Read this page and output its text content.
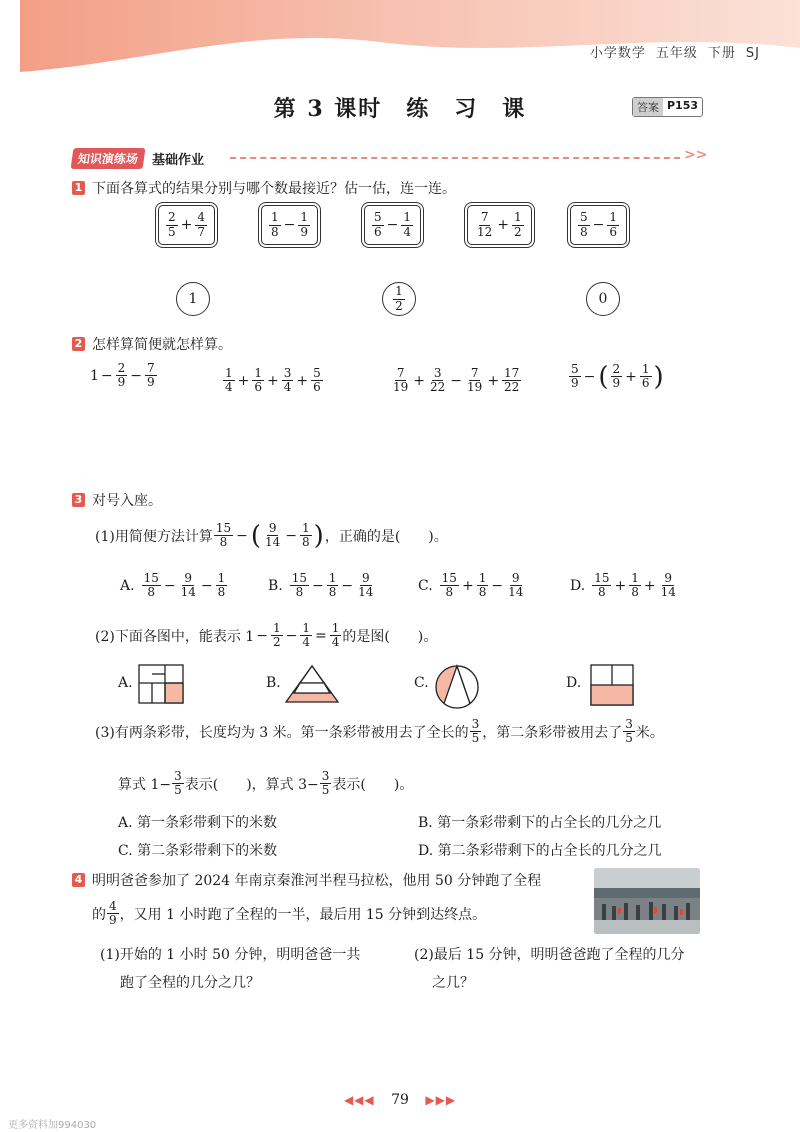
小学数学 五年级 下册 SJ
第 3 课时　练　习　课	答案 P153
知识演练场	基础作业	>>
1 下面各算式的结果分别与哪个数最接近？估一估，连一连。
$\frac{2}{5} + \frac{4}{7}$	$\frac{1}{8} - \frac{1}{9}$	$\frac{5}{6} - \frac{1}{4}$	$\frac{7}{12} + \frac{1}{2}$	$\frac{5}{8} - \frac{1}{6}$
1	$\frac{1}{2}$	0
2 怎样算简便就怎样算。
$1 - \frac{2}{9} - \frac{7}{9}$	$\frac{1}{4} + \frac{1}{6} + \frac{3}{4} + \frac{5}{6}$	$\frac{7}{19} + \frac{3}{22} - \frac{7}{19} + \frac{17}{22}$	$\frac{5}{9}$ − ( $\frac{2}{9} + \frac{1}{6}$ )
3 对号入座。
(1)用简便方法计算 $\frac{15}{8}$ − ( $\frac{9}{14} - \frac{1}{8}$ ) ，正确的是(　　)。
A. $\frac{15}{8} - \frac{9}{14} - \frac{1}{8}$	B. $\frac{15}{8} - \frac{1}{8} - \frac{9}{14}$	C. $\frac{15}{8} + \frac{1}{8} - \frac{9}{14}$	D. $\frac{15}{8} + \frac{1}{8} + \frac{9}{14}$
(2)下面各图中，能表示 $1 - \frac{1}{2} - \frac{1}{4} = \frac{1}{4}$ 的是图(　　)。
A.	B.	C.	D.
(3)有两条彩带，长度均为 3 米。第一条彩带被用去了全长的 $\frac{3}{5}$ ，第二条彩带被用去了 $\frac{3}{5}$ 米。
算式 $1- \frac{3}{5}$ 表示(　　)，算式 $3- \frac{3}{5}$ 表示(　　)。
A. 第一条彩带剩下的米数	B. 第一条彩带剩下的占全长的几分之几
C. 第二条彩带剩下的米数	D. 第二条彩带剩下的占全长的几分之几
4 明明爸爸参加了 2024 年南京秦淮河半程马拉松，他用 50 分钟跑了全程
的 $\frac{4}{9}$ ，又用 1 小时跑了全程的一半，最后用 15 分钟到达终点。
(1)开始的 1 小时 50 分钟，明明爸爸一共
跑了全程的几分之几？
(2)最后 15 分钟，明明爸爸跑了全程的几分
之几？
◀◀◀ 79 ▶▶▶
更多资料加994030
